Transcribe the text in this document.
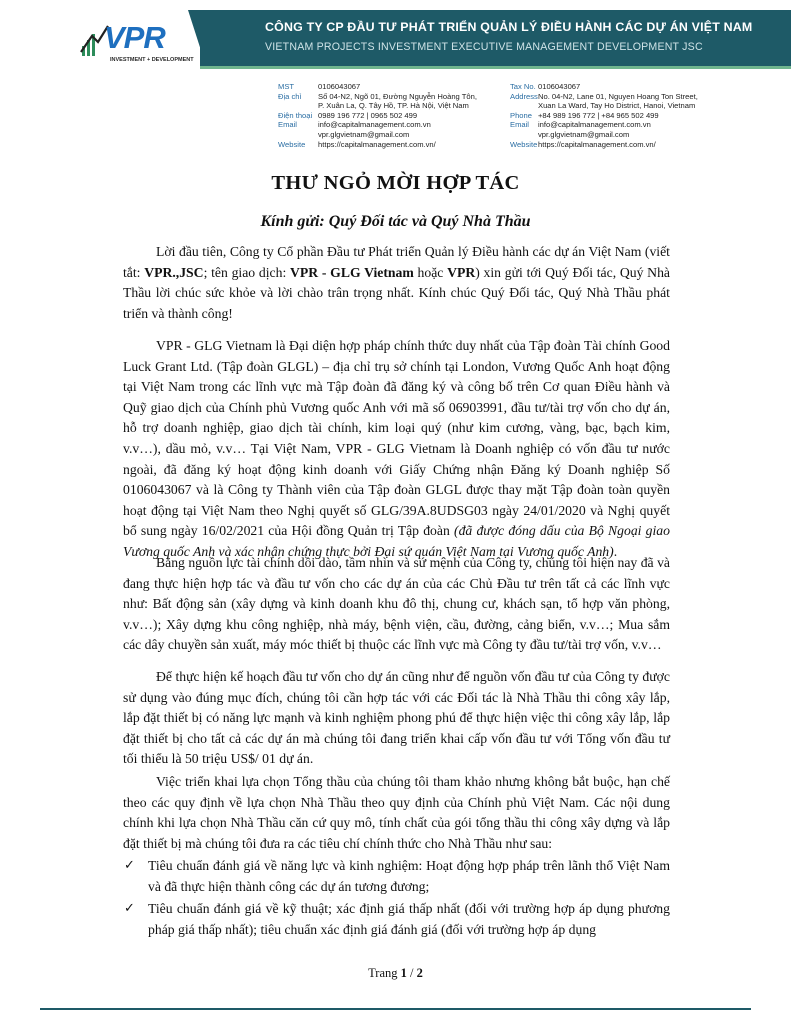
CÔNG TY CP ĐẦU TƯ PHÁT TRIỂN QUẢN LÝ ĐIỀU HÀNH CÁC DỰ ÁN VIỆT NAM
VIETNAM PROJECTS INVESTMENT EXECUTIVE MANAGEMENT DEVELOPMENT JSC
VPR
INVESTMENT + DEVELOPMENT
MST	0106043067
Địa chỉ	Số 04-N2, Ngõ 01, Đường Nguyễn Hoàng Tôn,
P. Xuân La, Q. Tây Hồ, TP. Hà Nội, Việt Nam
Điện thoại 0989 196 772 | 0965 502 499
Email	info@capitalmanagement.com.vn
vpr.glgvietnam@gmail.com
Website	https://capitalmanagement.com.vn/
Tax No. 0106043067
Address No. 04-N2, Lane 01, Nguyen Hoang Ton Street,
Xuan La Ward, Tay Ho District, Hanoi, Vietnam
Phone +84 989 196 772 | +84 965 502 499
Email	info@capitalmanagement.com.vn
vpr.glgvietnam@gmail.com
Website https://capitalmanagement.com.vn/
THƯ NGỎ MỜI HỢP TÁC
Kính gửi: Quý Đối tác và Quý Nhà Thầu

Lời đầu tiên, Công ty Cổ phần Đầu tư Phát triển Quản lý Điều hành các dự án Việt Nam (viết tắt: VPR.,JSC; tên giao dịch: VPR - GLG Vietnam hoặc VPR) xin gửi tới Quý Đối tác, Quý Nhà Thầu lời chúc sức khỏe và lời chào trân trọng nhất. Kính chúc Quý Đối tác, Quý Nhà Thầu phát triển và thành công!

VPR - GLG Vietnam là Đại diện hợp pháp chính thức duy nhất của Tập đoàn Tài chính Good Luck Grant Ltd. (Tập đoàn GLGL) – địa chỉ trụ sở chính tại London, Vương Quốc Anh hoạt động tại Việt Nam trong các lĩnh vực mà Tập đoàn đã đăng ký và công bố trên Cơ quan Điều hành và Quỹ giao dịch của Chính phủ Vương quốc Anh với mã số 06903991, đầu tư/tài trợ vốn cho dự án, hỗ trợ doanh nghiệp, giao dịch tài chính, kim loại quý (như kim cương, vàng, bạc, bạch kim, v.v…), dầu mỏ, v.v… Tại Việt Nam, VPR - GLG Vietnam là Doanh nghiệp có vốn đầu tư nước ngoài, đã đăng ký hoạt động kinh doanh với Giấy Chứng nhận Đăng ký Doanh nghiệp Số 0106043067 và là Công ty Thành viên của Tập đoàn GLGL được thay mặt Tập đoàn toàn quyền hoạt động tại Việt Nam theo Nghị quyết số GLG/39A.8UDSG03 ngày 24/01/2020 và Nghị quyết bổ sung ngày 16/02/2021 của Hội đồng Quản trị Tập đoàn (đã được đóng dấu của Bộ Ngoại giao Vương quốc Anh và xác nhận chứng thực bởi Đại sứ quán Việt Nam tại Vương quốc Anh).

Bằng nguồn lực tài chính dồi dào, tầm nhìn và sứ mệnh của Công ty, chúng tôi hiện nay đã và đang thực hiện hợp tác và đầu tư vốn cho các dự án của các Chủ Đầu tư trên tất cả các lĩnh vực như: Bất động sản (xây dựng và kinh doanh khu đô thị, chung cư, khách sạn, tổ hợp văn phòng, v.v…); Xây dựng khu công nghiệp, nhà máy, bệnh viện, cầu, đường, cảng biển, v.v…; Mua sắm các dây chuyền sản xuất, máy móc thiết bị thuộc các lĩnh vực mà Công ty đầu tư/tài trợ vốn, v.v…

Để thực hiện kế hoạch đầu tư vốn cho dự án cũng như để nguồn vốn đầu tư của Công ty được sử dụng vào đúng mục đích, chúng tôi cần hợp tác với các Đối tác là Nhà Thầu thi công xây lắp, lắp đặt thiết bị có năng lực mạnh và kinh nghiệm phong phú để thực hiện việc thi công xây lắp, lắp đặt thiết bị cho tất cả các dự án mà chúng tôi đang triển khai cấp vốn đầu tư với Tổng vốn đầu tư tối thiểu là 50 triệu US$/ 01 dự án.

Việc triển khai lựa chọn Tổng thầu của chúng tôi tham khảo nhưng không bắt buộc, hạn chế theo các quy định về lựa chọn Nhà Thầu theo quy định của Chính phủ Việt Nam. Các nội dung chính khi lựa chọn Nhà Thầu căn cứ quy mô, tính chất của gói tổng thầu thi công xây dựng và lắp đặt thiết bị mà chúng tôi đưa ra các tiêu chí chính thức cho Nhà Thầu như sau:

✓ Tiêu chuẩn đánh giá về năng lực và kinh nghiệm: Hoạt động hợp pháp trên lãnh thổ Việt Nam và đã thực hiện thành công các dự án tương đương;
✓ Tiêu chuẩn đánh giá về kỹ thuật; xác định giá thấp nhất (đối với trường hợp áp dụng phương pháp giá thấp nhất); tiêu chuẩn xác định giá đánh giá (đối với trường hợp áp dụng
Trang 1 / 2
